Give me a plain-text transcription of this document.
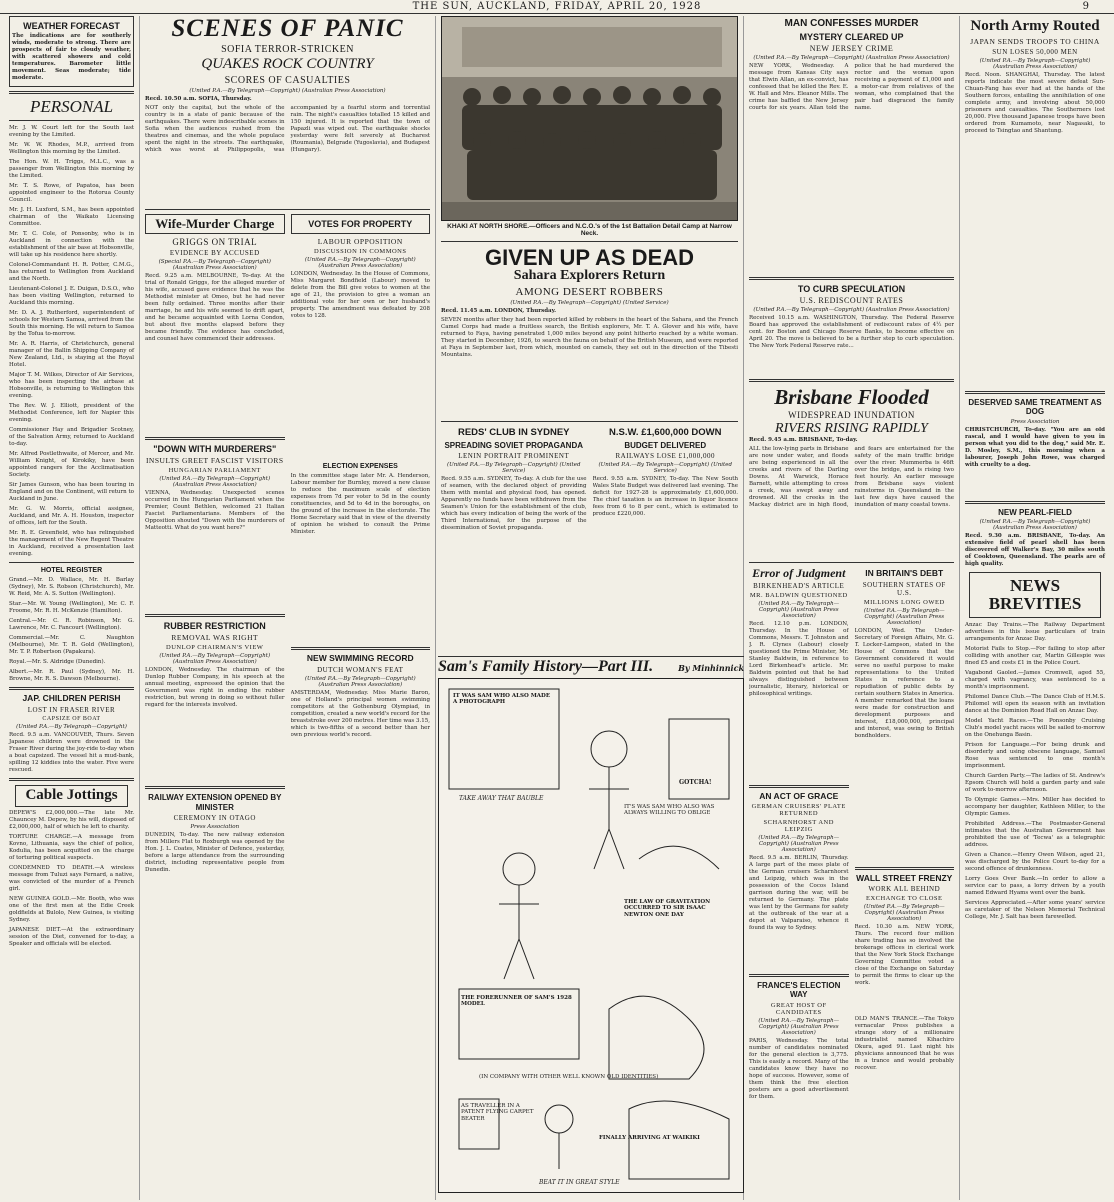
THE SUN, AUCKLAND, FRIDAY, APRIL 20, 1928	9
WEATHER FORECAST
The indications are for southerly winds, moderate to strong. There are prospects of fair to cloudy weather, with scattered showers and cold temperatures. Barometer little movement. Seas moderate; tide moderate.
PERSONAL
Mr. J. W. Court left for the South last evening by the Limited.
Mr. W. W. Rhodes, M.P., arrived from Wellington this morning by the Limited.
The Hon. W. H. Triggs, M.L.C., was a passenger from Wellington this morning by the Limited.
Mr. T. S. Rowe, of Papatoa, has been appointed engineer to the Rotorua County Council.
Mr. J. H. Luxford, S.M., has been appointed chairman of the Waikato Licensing Committee.
Mr. T. C. Cole, of Ponsonby, who is in Auckland in connection with the establishment of the air base at Hobsonville, will take up his residence here shortly.
Colonel-Commandant H. R. Potter, C.M.G., has returned to Wellington from Auckland and the North.
Lieutenant-Colonel J. E. Duigan, D.S.O., who has been visiting Wellington, returned to Auckland this morning.
Mr. D. A. J. Rutherford, superintendent of schools for Western Samoa, arrived from the South this morning. He will return to Samoa by the Tofua to-morrow.
Mr. A. R. Harris, of Christchurch, general manager of the Ballin Shipping Company of New Zealand, Ltd., is staying at the Royal Hotel.
Major T. M. Wilkes, Director of Air Services, who has been inspecting the airbase at Hobsonville, is returning to Wellington this evening.
The Rev. W. J. Elliott, president of the Methodist Conference, left for Napier this evening.
Commissioner Hay and Brigadier Scotney, of the Salvation Army, returned to Auckland to-day.
Mr. Alfred Postlethwaite, of Mercer, and Mr. William Knight, of Kirokiky, have been appointed rangers for the Acclimatisation Society.
Sir James Gunson, who has been touring in England and on the Continent, will return to Auckland in June.
Mr. G. W. Morris, official assignee, Auckland, and Mr. A. H. Houston, inspector of offices, left for the South.
Mr. R. E. Greenfield, who has relinquished the management of the New Regent Theatre in Auckland, received a presentation last evening.
HOTEL REGISTER
Grand.—Mr. D. Wallace, Mr. H. Barlay (Sydney), Mr. S. Robson (Christchurch), Mr. W. Reid, Mr. A. S. Sutton (Wellington).
Star.—Mr. W. Young (Wellington), Mr. C. F. Froome, Mr. R. H. McKenzie (Hamilton).
Central.—Mr. C. R. Robinson, Mr. G. Lawrence, Mr. C. Fancourt (Wellington).
Commercial.—Mr. C. Naughton (Melbourne), Mr. T. R. Gold (Wellington), Mr. T. P. Robertson (Papakura).
Royal.—Mr. S. Aldridge (Dunedin).
Albert.—Mr. R. Paul (Sydney), Mr. H. Browne, Mr. R. S. Dawson (Melbourne).
JAP. CHILDREN PERISH
LOST IN FRASER RIVER
CAPSIZE OF BOAT
(United P.A.—By Telegraph—Copyright)
Recd. 9.5 a.m. VANCOUVER, Thurs. Seven Japanese children were drowned in the Fraser River during the joy-ride to-day when a boat capsized. The vessel hit a mud-bank, spilling 12 kiddies into the water. Five were rescued.
Cable Jottings
DEPEW'S £2,000,000.—The late Mr. Chauncey M. Depew, by his will, disposed of £2,000,000, half of which he left to charity.
TORTURE CHARGE.—A message from Kovno, Lithuania, says the chief of police, Kodulia, has been acquitted on the charge of torturing political suspects.
CONDEMNED TO DEATH.—A wireless message from Tuluzi says Fernard, a native, was convicted of the murder of a French girl.
NEW GUINEA GOLD.—Mr. Booth, who was one of the first men at the Edie Creek goldfields at Bulolo, New Guinea, is visiting Sydney.
JAPANESE DIET.—At the extraordinary session of the Diet, convened for to-day, a Speaker and officials will be elected.
SCENES OF PANIC
SOFIA TERROR-STRICKEN
QUAKES ROCK COUNTRY
SCORES OF CASUALTIES
(United P.A.—By Telegraph—Copyright) (Australian Press Association)
Recd. 10.50 a.m. SOFIA, Thursday.
NOT only the capital, but the whole of the country is in a state of panic because of the earthquakes. There were indescribable scenes in Sofia when the audiences rushed from the theatres and cinemas, and the whole populace spent the night in the streets. The earthquake, which was worst at Philippopolis, was accompanied by a fearful storm and torrential rain. The night's casualties totalled 15 killed and 150 injured. It is reported that the town of Papazli was wiped out. The earthquake shocks yesterday were felt severely at Bucharest (Roumania), Belgrade (Yugoslavia), and Budapest (Hungary).
Wife-Murder Charge
GRIGGS ON TRIAL
EVIDENCE BY ACCUSED
(Special P.A.—By Telegraph—Copyright) (Australian Press Association)
Recd. 9.25 a.m. MELBOURNE, To-day. At the trial of Ronald Griggs, for the alleged murder of his wife, accused gave evidence that he was the Methodist minister at Omeo, but he had never been fully ordained. Three months after their marriage, he and his wife seemed to drift apart, and he became acquainted with Lorna Condon, but about five months elapsed before they became friendly. The evidence has concluded, and counsel have commenced their addresses.
"DOWN WITH MURDERERS"
INSULTS GREET FASCIST VISITORS
HUNGARIAN PARLIAMENT
(United P.A.—By Telegraph—Copyright) (Australian Press Association)
VIENNA, Wednesday. Unexpected scenes occurred in the Hungarian Parliament when the Premier, Count Bethlen, welcomed 21 Italian Fascist Parliamentarians. Members of the Opposition shouted "Down with the murderers of Matteotti. What do you want here?"
RUBBER RESTRICTION
REMOVAL WAS RIGHT
DUNLOP CHAIRMAN'S VIEW
(United P.A.—By Telegraph—Copyright) (Australian Press Association)
LONDON, Wednesday. The chairman of the Dunlop Rubber Company, in his speech at the annual meeting, expressed the opinion that the Government was right in ending the rubber restriction, but wrong in doing so without fuller regard for the interests involved.
RAILWAY EXTENSION OPENED BY MINISTER
CEREMONY IN OTAGO
Press Association
DUNEDIN, To-day. The new railway extension from Millers Flat to Roxburgh was opened by the Hon. J. L. Coates, Minister of Defence, yesterday, before a large attendance from the surrounding district, including representative people from Dunedin.
VOTES FOR PROPERTY
LABOUR OPPOSITION
DISCUSSION IN COMMONS
(United P.A.—By Telegraph—Copyright) (Australian Press Association)
LONDON, Wednesday. In the House of Commons, Miss Margaret Bondfield (Labour) moved to delete from the Bill give votes to women at the age of 21, the provision to give a woman an additional vote for her own or her husband's property. The amendment was defeated by 208 votes to 128.
ELECTION EXPENSES
In the committee stage later Mr. A. Henderson, Labour member for Burnley, moved a new clause to reduce the maximum scale of election expenses from 7d per voter to 5d in the county constituencies, and 5d to 4d in the boroughs, on the ground of the increase in the electorate. The Home Secretary said that in view of the diversity of opinion he wished to consult the Prime Minister.
NEW SWIMMING RECORD
DUTCH WOMAN'S FEAT
(United P.A.—By Telegraph—Copyright) (Australian Press Association)
AMSTERDAM, Wednesday. Miss Marie Baron, one of Holland's principal women swimming competitors at the Gothenburg Olympiad, in competition, created a new world's record for the breaststroke over 200 metres. Her time was 3.15, which is two-fifths of a second better than her own previous world's record.
KHAKI AT NORTH SHORE.—Officers and N.C.O.'s of the 1st Battalion Detail Camp at Narrow Neck.
GIVEN UP AS DEAD
Sahara Explorers Return
AMONG DESERT ROBBERS
(United P.A.—By Telegraph—Copyright) (United Service)
Recd. 11.45 a.m. LONDON, Thursday.
SEVEN months after they had been reported killed by robbers in the heart of the Sahara, and the French Camel Corps had made a fruitless search, the British explorers, Mr. T. A. Glover and his wife, have returned to Faya, having penetrated 1,000 miles beyond any point hitherto reached by a white woman. They started in December, 1926, to search the fauna on behalf of the British Museum, and were reported at Faya in September last, from which, mounted on camels, they set out in the direction of the Tibesti Mountains.
REDS' CLUB IN SYDNEY
SPREADING SOVIET PROPAGANDA
LENIN PORTRAIT PROMINENT
(United P.A.—By Telegraph—Copyright) (United Service)
Recd. 9.55 a.m. SYDNEY, To-day. A club for the use of seamen, with the declared object of providing them with mental and physical food, has opened. Apparently no funds have been withdrawn from the Seamen's Union for the establishment of the club, which has every indication of being the work of the Third International, for the purpose of the dissemination of Soviet propaganda.
N.S.W. £1,600,000 DOWN
BUDGET DELIVERED
RAILWAYS LOSE £1,000,000
(United P.A.—By Telegraph—Copyright) (United Service)
Recd. 9.55 a.m. SYDNEY, To-day. The New South Wales State Budget was delivered last evening. The deficit for 1927-28 is approximately £1,600,000. The chief taxation is an increase in liquor licence fees from 6 to 8 per cent., which is estimated to produce £220,000.
Sam's Family History—Part III.	By Minhinnick
IT WAS SAM WHO ALSO MADE A PHOTOGRAPH
TAKE AWAY THAT BAUBLE
THE LAW OF GRAVITATION OCCURRED TO SIR ISAAC NEWTON ONE DAY
IT'S WAS SAM WHO ALSO WAS ALWAYS WILLING TO OBLIGE
THE FORERUNNER OF SAM'S 1928 MODEL
AS TRAVELLER IN A PATENT FLYING CARPET BEATER
FINALLY ARRIVING AT WAIKIKI
(IN COMPANY WITH OTHER WELL KNOWN OLD IDENTITIES)
GOTCHA!
BEAT IT IN GREAT STYLE
MAN CONFESSES MURDER
MYSTERY CLEARED UP
NEW JERSEY CRIME
(United P.A.—By Telegraph—Copyright) (Australian Press Association)
NEW YORK, Wednesday. A message from Kansas City says that Elwin Allan, an ex-convict, has confessed that he killed the Rev. E. W. Hall and Mrs. Eleanor Mills. The crime has baffled the New Jersey courts for six years. Allan told the police that he had murdered the rector and the woman upon receiving a payment of £1,000 and a motor-car from relatives of the woman, who complained that the pair had disgraced the family name.
TO CURB SPECULATION
U.S. REDISCOUNT RATES
(United P.A.—By Telegraph—Copyright) (Australian Press Association)
Received 10.15 a.m. WASHINGTON, Thursday. The Federal Reserve Board has approved the establishment of rediscount rates of 4½ per cent. for Boston and Chicago Reserve Banks, to become effective on April 20. The move is believed to be a further step to curb speculation. The New York Federal Reserve rate...
Brisbane Flooded
WIDESPREAD INUNDATION
RIVERS RISING RAPIDLY
Recd. 9.45 a.m. BRISBANE, To-day.
ALL the low-lying parts in Brisbane are now under water, and floods are being experienced in all the creeks and rivers of the Darling Downs. At Warwick, Horace Barnett, while attempting to cross a creek, was swept away and drowned. All the creeks in the Mackay district are in high flood, and fears are entertained for the safety of the main traffic bridge over the river. Mummerba is 46ft over the bridge, and is rising two feet hourly. An earlier message from Brisbane says violent rainstorms in Queensland in the last few days have caused the inundation of many coastal towns.
Error of Judgment
BIRKENHEAD'S ARTICLE
MR. BALDWIN QUESTIONED
(United P.A.—By Telegraph—Copyright) (Australian Press Association)
Recd. 12.10 p.m. LONDON, Thursday. In the House of Commons, Messrs. T. Johnston and J. R. Clynes (Labour) closely questioned the Prime Minister, Mr. Stanley Baldwin, in reference to Lord Birkenhead's article. Mr. Baldwin pointed out that he had always distinguished between journalistic, literary, historical or philosophical writings.
AN ACT OF GRACE
GERMAN CRUISERS' PLATE RETURNED
SCHARNHORST AND LEIPZIG
(United P.A.—By Telegraph—Copyright) (Australian Press Association)
Recd. 9.5 a.m. BERLIN, Thursday. A large part of the mess plate of the German cruisers Scharnhorst and Leipzig, which was in the possession of the Cocos Island garrison during the war, will be returned to Germany. The plate was lent by the Germans for safety at the outbreak of the war at a depot at Valparaiso, whence it found its way to Sydney.
FRANCE'S ELECTION WAY
GREAT HOST OF CANDIDATES
(United P.A.—By Telegraph—Copyright) (Australian Press Association)
PARIS, Wednesday. The total number of candidates nominated for the general election is 3,775. This is easily a record. Many of the candidates know they have no hope of success. However, some of them think the free election posters are a good advertisement for them.
IN BRITAIN'S DEBT
SOUTHERN STATES OF U.S.
MILLIONS LONG OWED
(United P.A.—By Telegraph—Copyright) (Australian Press Association)
LONDON, Wed. The Under-Secretary of Foreign Affairs, Mr. G. T. Locker-Lampson, stated in the House of Commons that the Government considered it would serve no useful purpose to make representations to the United States in reference to a repudiation of public debts by certain southern States in America. A member remarked that the loans were made for construction and development purposes and interest, £18,000,000, principal and interest, was owing to British bondholders.
WALL STREET FRENZY
WORK ALL BEHIND
EXCHANGE TO CLOSE
(United P.A.—By Telegraph—Copyright) (Australian Press Association)
Recd. 10.30 a.m. NEW YORK, Thurs. The record four million share trading has so involved the brokerage offices in clerical work that the New York Stock Exchange Governing Committee voted a close of the Exchange on Saturday to permit the firms to clear up the work.
OLD MAN'S TRANCE.—The Tokyo vernacular Press publishes a strange story of a millionaire industrialist named Kihachiro Okura, aged 91. Last night his physicians announced that he was in a trance and would probably recover.
North Army Routed
JAPAN SENDS TROOPS TO CHINA
SUN LOSES 50,000 MEN
(United P.A.—By Telegraph—Copyright) (Australian Press Association)
Recd. Noon. SHANGHAI, Thursday. The latest reports indicate the most severe defeat Sun-Chuan-Fang has ever had at the hands of the Southern forces, entailing the annihilation of one complete army, and involving about 50,000 prisoners and casualties. The Southerners lost 20,000. Five thousand Japanese troops have been ordered from Kumamoto, near Nagasaki, to proceed to Tsingtao and Shantung.
DESERVED SAME TREATMENT AS DOG
Press Association
CHRISTCHURCH, To-day. "You are an old rascal, and I would have given to you in person what you did to the dog," said Mr. E. D. Mosley, S.M., this morning when a labourer, Joseph John Rowe, was charged with cruelty to a dog.
NEW PEARL-FIELD
(United P.A.—By Telegraph—Copyright) (Australian Press Association)
Recd. 9.30 a.m. BRISBANE, To-day. An extensive field of pearl shell has been discovered off Walker's Bay, 30 miles south of Cooktown, Queensland. The pearls are of high quality.
NEWS BREVITIES
Anzac Day Trains.—The Railway Department advertises in this issue particulars of train arrangements for Anzac Day.
Motorist Fails to Stop.—For failing to stop after colliding with another car, Martin Gillespie was fined £5 and costs £1 in the Police Court.
Vagabond Gaoled.—James Cromwell, aged 55, charged with vagrancy, was sentenced to a month's imprisonment.
Philomel Dance Club.—The Dance Club of H.M.S. Philomel will open its season with an invitation dance at the Dominion Road Hall on Anzac Day.
Model Yacht Races.—The Ponsonby Cruising Club's model yacht races will be sailed to-morrow on the Onehunga Basin.
Prison for Language.—For being drunk and disorderly and using obscene language, Samuel Rose was sentenced to one month's imprisonment.
Church Garden Party.—The ladies of St. Andrew's Epsom Church will hold a garden party and sale of work to-morrow afternoon.
To Olympic Games.—Mrs. Miller has decided to accompany her daughter, Kathleen Miller, to the Olympic Games.
Prohibited Address.—The Postmaster-General intimates that the Australian Government has prohibited the use of 'Tecwa' as a telegraphic address.
Given a Chance.—Henry Owen Wilson, aged 21, was discharged by the Police Court to-day for a second offence of drunkenness.
Lorry Goes Over Bank.—In order to allow a service car to pass, a lorry driven by a youth named Edward Hyams went over the bank.
Services Appreciated.—After some years' service as caretaker of the Nelson Memorial Technical College, Mr. J. Salt has been farewelled.
